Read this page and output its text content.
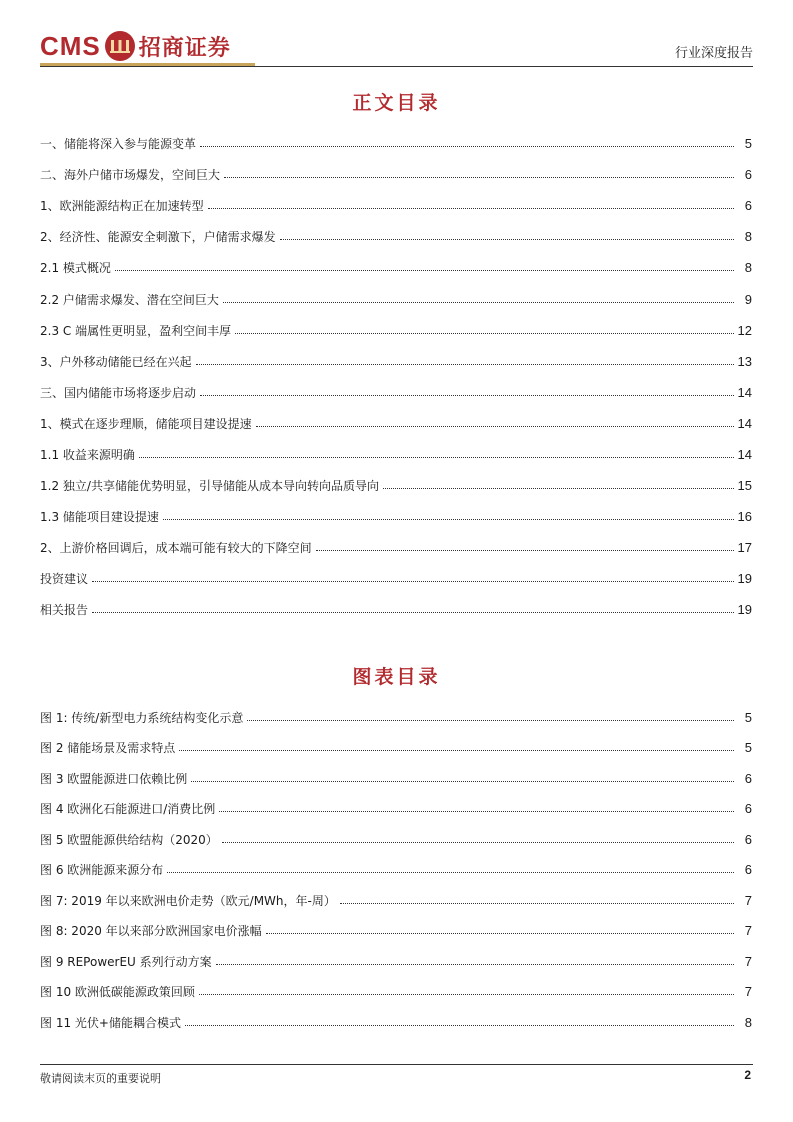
CMS 招商证券	行业深度报告
正文目录
一、储能将深入参与能源变革	5
二、海外户储市场爆发，空间巨大	6
1、欧洲能源结构正在加速转型	6
2、经济性、能源安全刺激下，户储需求爆发	8
2.1 模式概况	8
2.2 户储需求爆发、潜在空间巨大	9
2.3 C 端属性更明显，盈利空间丰厚	12
3、户外移动储能已经在兴起	13
三、国内储能市场将逐步启动	14
1、模式在逐步理顺，储能项目建设提速	14
1.1 收益来源明确	14
1.2 独立/共享储能优势明显，引导储能从成本导向转向品质导向	15
1.3 储能项目建设提速	16
2、上游价格回调后，成本端可能有较大的下降空间	17
投资建议	19
相关报告	19
图表目录
图 1: 传统/新型电力系统结构变化示意	5
图 2 储能场景及需求特点	5
图 3 欧盟能源进口依赖比例	6
图 4 欧洲化石能源进口/消费比例	6
图 5 欧盟能源供给结构（2020）	6
图 6 欧洲能源来源分布	6
图 7: 2019 年以来欧洲电价走势（欧元/MWh，年-周）	7
图 8: 2020 年以来部分欧洲国家电价涨幅	7
图 9 REPowerEU 系列行动方案	7
图 10 欧洲低碳能源政策回顾	7
图 11 光伏+储能耦合模式	8
敬请阅读末页的重要说明	2
